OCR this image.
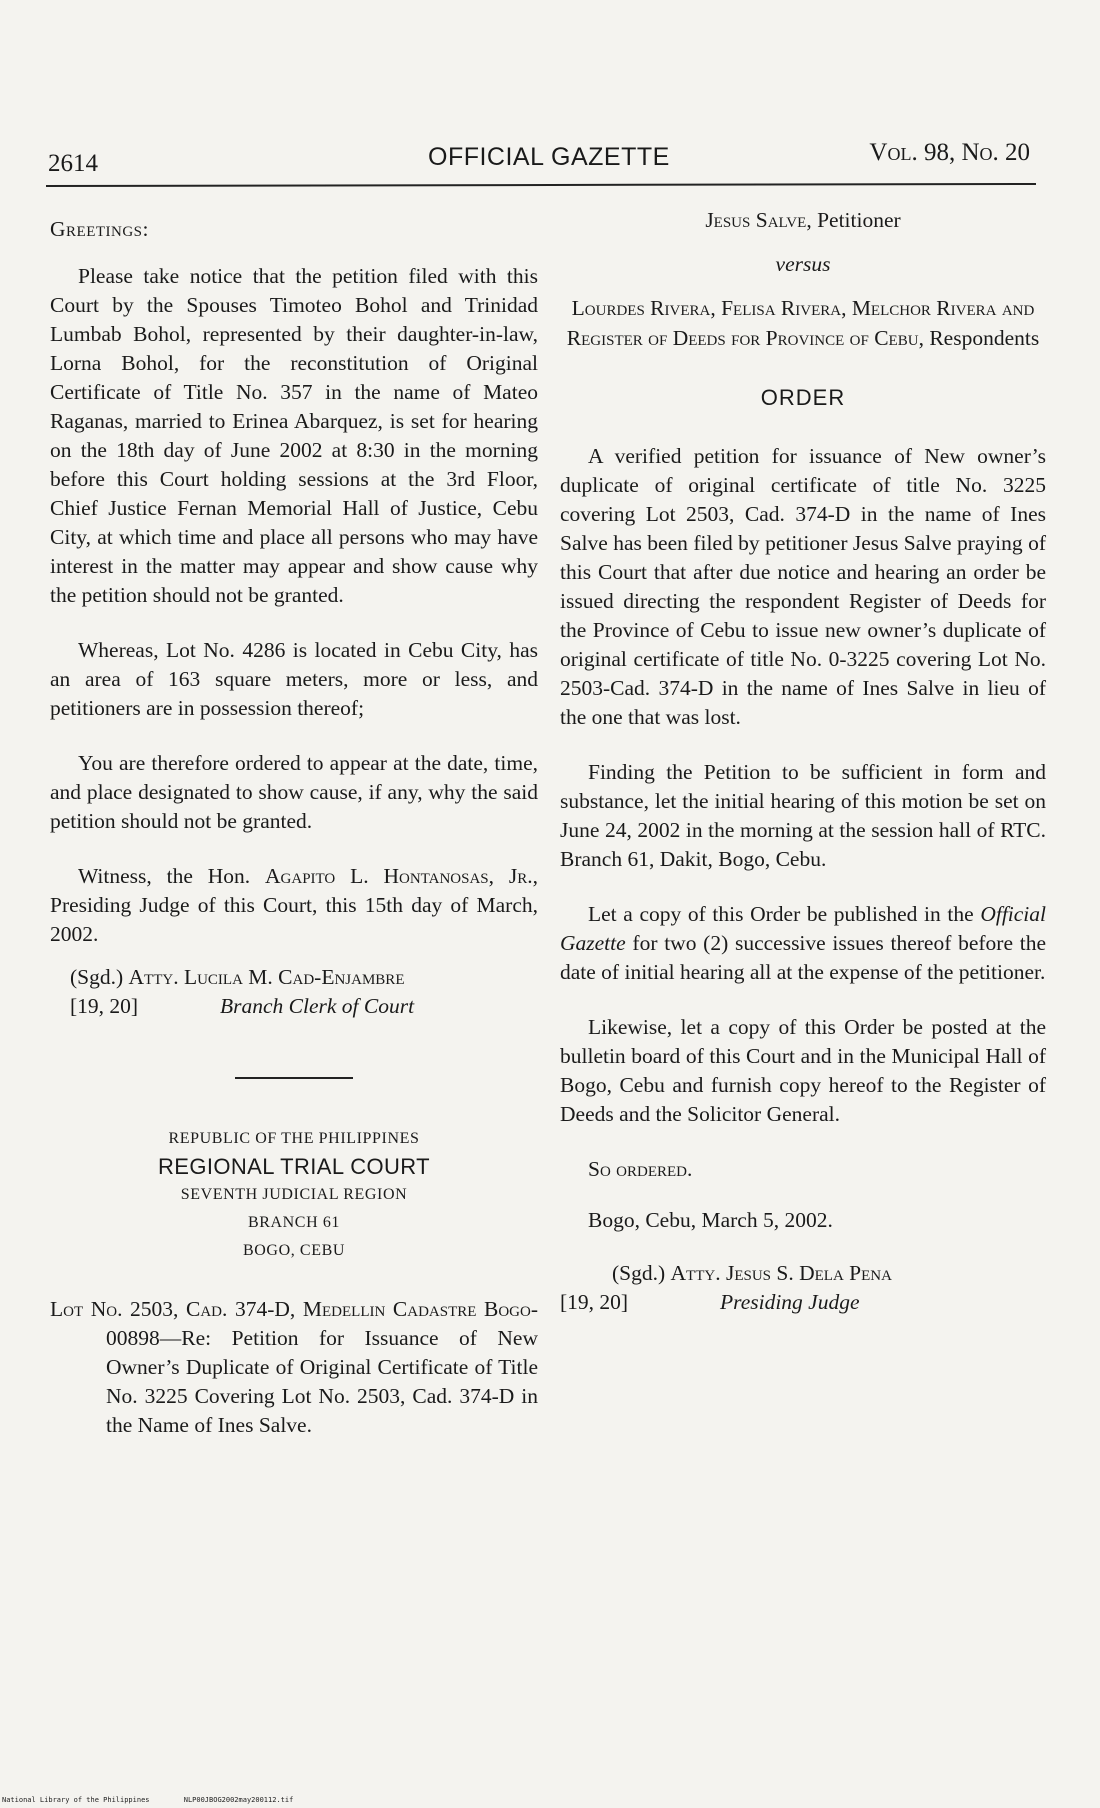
2614	OFFICIAL GAZETTE	Vol. 98, No. 20

Greetings:

Please take notice that the petition filed with this Court by the Spouses Timoteo Bohol and Trinidad Lumbab Bohol, represented by their daughter-in-law, Lorna Bohol, for the reconstitution of Original Certificate of Title No. 357 in the name of Mateo Raganas, married to Erinea Abarquez, is set for hearing on the 18th day of June 2002 at 8:30 in the morning before this Court holding sessions at the 3rd Floor, Chief Justice Fernan Memorial Hall of Justice, Cebu City, at which time and place all persons who may have interest in the matter may appear and show cause why the petition should not be granted.

Whereas, Lot No. 4286 is located in Cebu City, has an area of 163 square meters, more or less, and petitioners are in possession thereof;

You are therefore ordered to appear at the date, time, and place designated to show cause, if any, why the said petition should not be granted.

Witness, the Hon. Agapito L. Hontanosas, Jr., Presiding Judge of this Court, this 15th day of March, 2002.

(Sgd.) Atty. Lucila M. Cad-Enjambre
[19, 20]	Branch Clerk of Court
REPUBLIC OF THE PHILIPPINES
REGIONAL TRIAL COURT
SEVENTH JUDICIAL REGION
BRANCH 61
BOGO, CEBU
Lot No. 2503, Cad. 374-D, Medellin Cadastre Bogo-00898—Re: Petition for Issuance of New Owner’s Duplicate of Original Certificate of Title No. 3225 Covering Lot No. 2503, Cad. 374-D in the Name of Ines Salve.

Jesus Salve, Petitioner

versus

Lourdes Rivera, Felisa Rivera, Melchor Rivera and Register of Deeds for Province of Cebu, Respondents

ORDER

A verified petition for issuance of New owner’s duplicate of original certificate of title No. 3225 covering Lot 2503, Cad. 374-D in the name of Ines Salve has been filed by petitioner Jesus Salve praying of this Court that after due notice and hearing an order be issued directing the respondent Register of Deeds for the Province of Cebu to issue new owner’s duplicate of original certificate of title No. 0-3225 covering Lot No. 2503-Cad. 374-D in the name of Ines Salve in lieu of the one that was lost.

Finding the Petition to be sufficient in form and substance, let the initial hearing of this motion be set on June 24, 2002 in the morning at the session hall of RTC. Branch 61, Dakit, Bogo, Cebu.

Let a copy of this Order be published in the Official Gazette for two (2) successive issues thereof before the date of initial hearing all at the expense of the petitioner.

Likewise, let a copy of this Order be posted at the bulletin board of this Court and in the Municipal Hall of Bogo, Cebu and furnish copy hereof to the Register of Deeds and the Solicitor General.

So ordered.

Bogo, Cebu, March 5, 2002.

(Sgd.) Atty. Jesus S. Dela Pena
[19, 20]	Presiding Judge
National Library of the Philippines	NLP00JBOG2002may200112.tif
